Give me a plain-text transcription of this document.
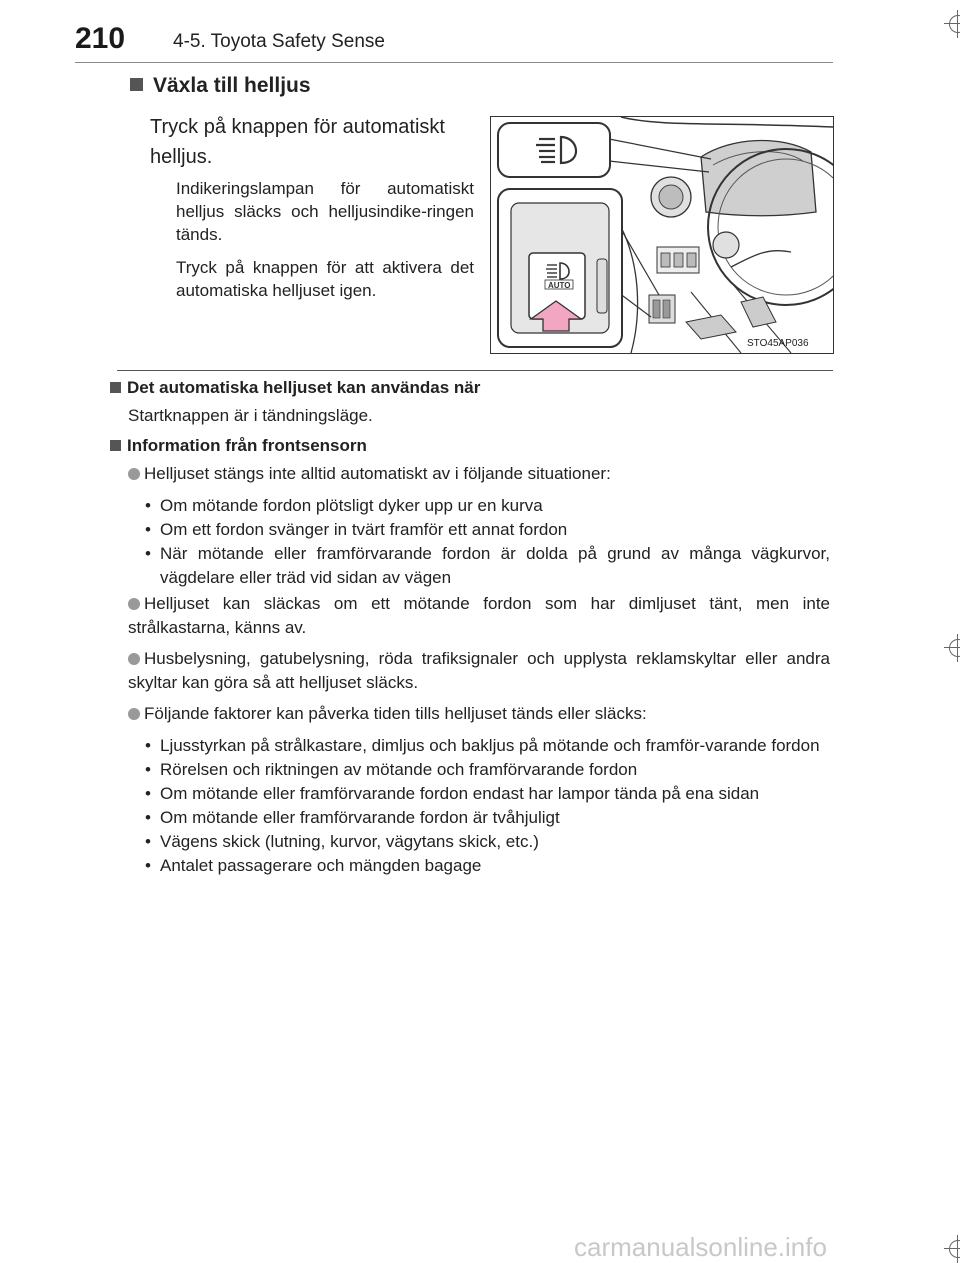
210	4-5. Toyota Safety Sense
Växla till helljus
Tryck på knappen för automatiskt helljus.
Indikeringslampan för automatiskt helljus släcks och helljusindike-ringen tänds.
Tryck på knappen för att aktivera det automatiska helljuset igen.	AUTO
STO45AP036
Det automatiska helljuset kan användas när
Startknappen är i tändningsläge.
Information från frontsensorn
Helljuset stängs inte alltid automatiskt av i följande situationer:
• Om mötande fordon plötsligt dyker upp ur en kurva
• Om ett fordon svänger in tvärt framför ett annat fordon
• När mötande eller framförvarande fordon är dolda på grund av många vägkurvor, vägdelare eller träd vid sidan av vägen
Helljuset kan släckas om ett mötande fordon som har dimljuset tänt, men inte strålkastarna, känns av.
Husbelysning, gatubelysning, röda trafiksignaler och upplysta reklamskyltar eller andra skyltar kan göra så att helljuset släcks.
Följande faktorer kan påverka tiden tills helljuset tänds eller släcks:
• Ljusstyrkan på strålkastare, dimljus och bakljus på mötande och framför-varande fordon
• Rörelsen och riktningen av mötande och framförvarande fordon
• Om mötande eller framförvarande fordon endast har lampor tända på ena sidan
• Om mötande eller framförvarande fordon är tvåhjuligt
• Vägens skick (lutning, kurvor, vägytans skick, etc.)
• Antalet passagerare och mängden bagage
carmanualsonline.info
